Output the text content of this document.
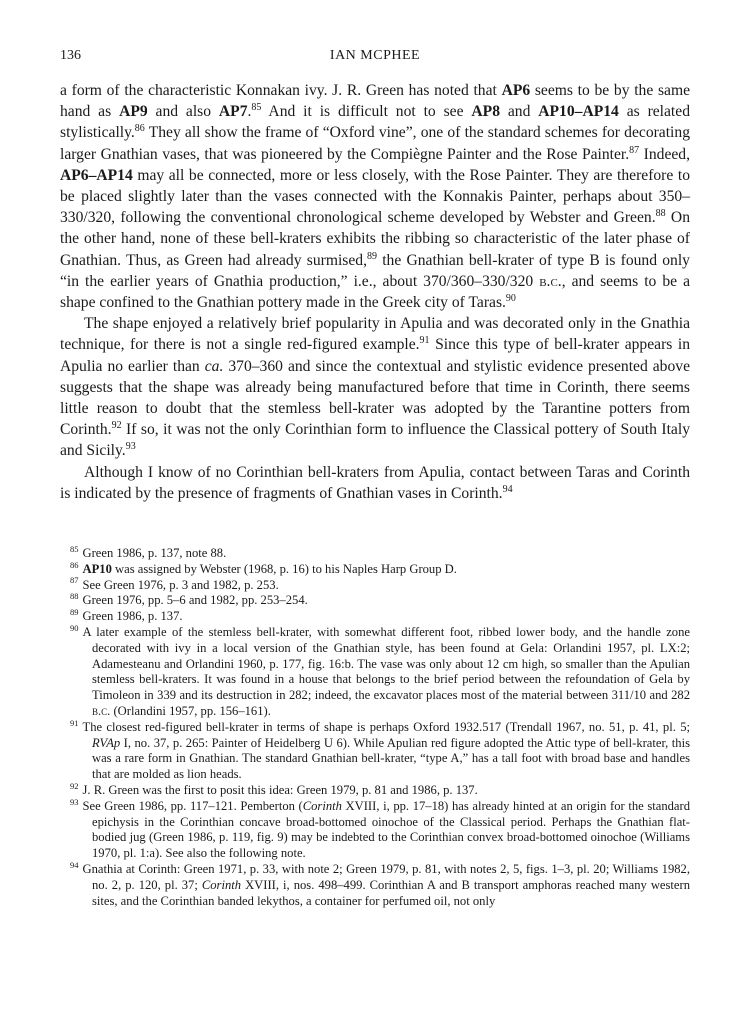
136	IAN MCPHEE

a form of the characteristic Konnakan ivy. J. R. Green has noted that AP6 seems to be by the same hand as AP9 and also AP7.85 And it is difficult not to see AP8 and AP10–AP14 as related stylistically.$^{86}$ They all show the frame of “Oxford vine”, one of the standard schemes for decorating larger Gnathian vases, that was pioneered by the Compiègne Painter and the Rose Painter.$^{87}$ Indeed, AP6–AP14 may all be connected, more or less closely, with the Rose Painter. They are therefore to be placed slightly later than the vases connected with the Konnakis Painter, perhaps about 350–330/320, following the conventional chronological scheme developed by Webster and Green.$^{88}$ On the other hand, none of these bell-kraters exhibits the ribbing so characteristic of the later phase of Gnathian. Thus, as Green had already surmised,$^{89}$ the Gnathian bell-krater of type B is found only “in the earlier years of Gnathia production,” i.e., about 370/360–330/320 b.c., and seems to be a shape confined to the Gnathian pottery made in the Greek city of Taras.$^{90}$

The shape enjoyed a relatively brief popularity in Apulia and was decorated only in the Gnathia technique, for there is not a single red-figured example.$^{91}$ Since this type of bell-krater appears in Apulia no earlier than ca. 370–360 and since the contextual and stylistic evidence presented above suggests that the shape was already being manufactured before that time in Corinth, there seems little reason to doubt that the stemless bell-krater was adopted by the Tarantine potters from Corinth.$^{92}$ If so, it was not the only Corinthian form to influence the Classical pottery of South Italy and Sicily.$^{93}$

Although I know of no Corinthian bell-kraters from Apulia, contact between Taras and Corinth is indicated by the presence of fragments of Gnathian vases in Corinth.$^{94}$

$^{85}$ Green 1986, p. 137, note 88.

$^{86}$ AP10 was assigned by Webster (1968, p. 16) to his Naples Harp Group D.

$^{87}$ See Green 1976, p. 3 and 1982, p. 253.

$^{88}$ Green 1976, pp. 5–6 and 1982, pp. 253–254.

$^{89}$ Green 1986, p. 137.

$^{90}$ A later example of the stemless bell-krater, with somewhat different foot, ribbed lower body, and the handle zone decorated with ivy in a local version of the Gnathian style, has been found at Gela: Orlandini 1957, pl. LX:2; Adamesteanu and Orlandini 1960, p. 177, fig. 16:b. The vase was only about 12 cm high, so smaller than the Apulian stemless bell-kraters. It was found in a house that belongs to the brief period between the refoundation of Gela by Timoleon in 339 and its destruction in 282; indeed, the excavator places most of the material between 311/10 and 282 b.c. (Orlandini 1957, pp. 156–161).

$^{91}$ The closest red-figured bell-krater in terms of shape is perhaps Oxford 1932.517 (Trendall 1967, no. 51, p. 41, pl. 5; RVAp I, no. 37, p. 265: Painter of Heidelberg U 6). While Apulian red figure adopted the Attic type of bell-krater, this was a rare form in Gnathian. The standard Gnathian bell-krater, “type A,” has a tall foot with broad base and handles that are molded as lion heads.

$^{92}$ J. R. Green was the first to posit this idea: Green 1979, p. 81 and 1986, p. 137.

$^{93}$ See Green 1986, pp. 117–121. Pemberton (Corinth XVIII, i, pp. 17–18) has already hinted at an origin for the standard epichysis in the Corinthian concave broad-bottomed oinochoe of the Classical period. Perhaps the Gnathian flat-bodied jug (Green 1986, p. 119, fig. 9) may be indebted to the Corinthian convex broad-bottomed oinochoe (Williams 1970, pl. 1:a). See also the following note.

$^{94}$ Gnathia at Corinth: Green 1971, p. 33, with note 2; Green 1979, p. 81, with notes 2, 5, figs. 1–3, pl. 20; Williams 1982, no. 2, p. 120, pl. 37; Corinth XVIII, i, nos. 498–499. Corinthian A and B transport amphoras reached many western sites, and the Corinthian banded lekythos, a container for perfumed oil, not only
